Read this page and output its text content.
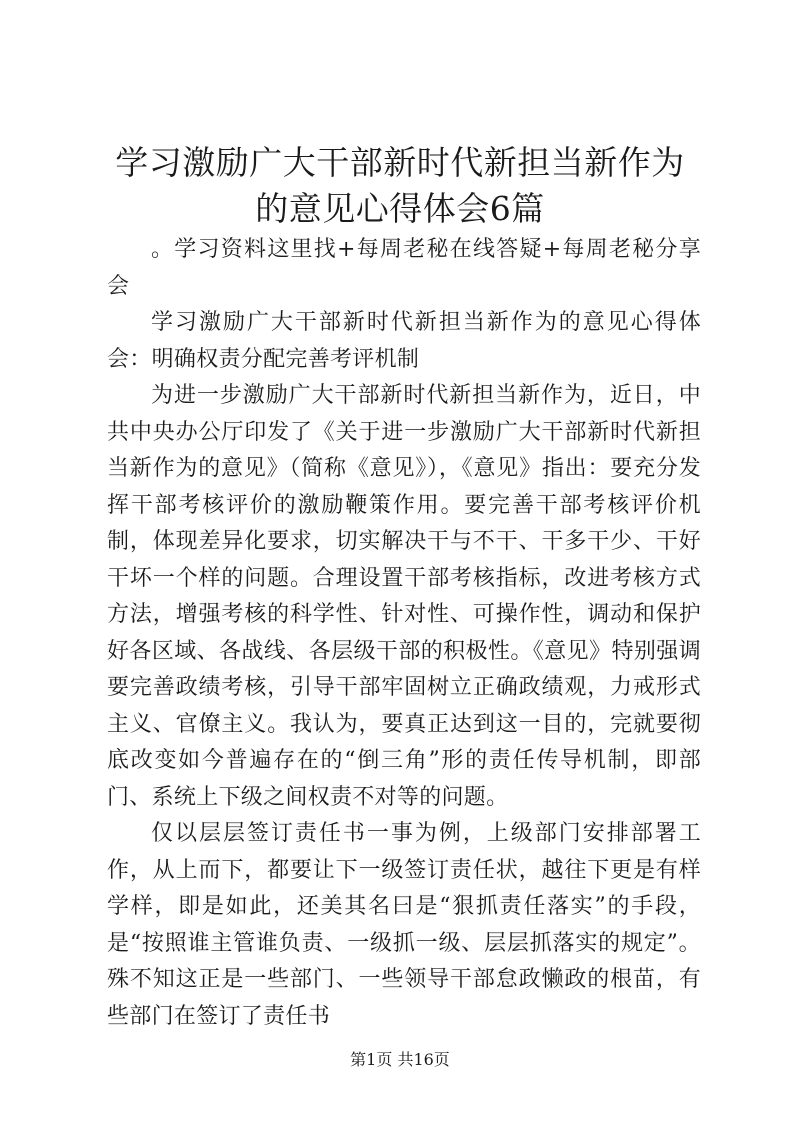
学习激励广大干部新时代新担当新作为的意见心得体会6篇

。学习资料这里找+每周老秘在线答疑+每周老秘分享会

学习激励广大干部新时代新担当新作为的意见心得体会：明确权责分配完善考评机制

为进一步激励广大干部新时代新担当新作为，近日，中共中央办公厅印发了《关于进一步激励广大干部新时代新担当新作为的意见》（简称《意见》），《意见》指出：要充分发挥干部考核评价的激励鞭策作用。要完善干部考核评价机制，体现差异化要求，切实解决干与不干、干多干少、干好干坏一个样的问题。合理设置干部考核指标，改进考核方式方法，增强考核的科学性、针对性、可操作性，调动和保护好各区域、各战线、各层级干部的积极性。《意见》特别强调要完善政绩考核，引导干部牢固树立正确政绩观，力戒形式主义、官僚主义。我认为，要真正达到这一目的，完就要彻底改变如今普遍存在的“倒三角”形的责任传导机制，即部门、系统上下级之间权责不对等的问题。

仅以层层签订责任书一事为例，上级部门安排部署工作，从上而下，都要让下一级签订责任状，越往下更是有样学样，即是如此，还美其名曰是“狠抓责任落实”的手段，是“按照谁主管谁负责、一级抓一级、层层抓落实的规定”。殊不知这正是一些部门、一些领导干部怠政懒政的根苗，有些部门在签订了责任书

第1页 共16页
